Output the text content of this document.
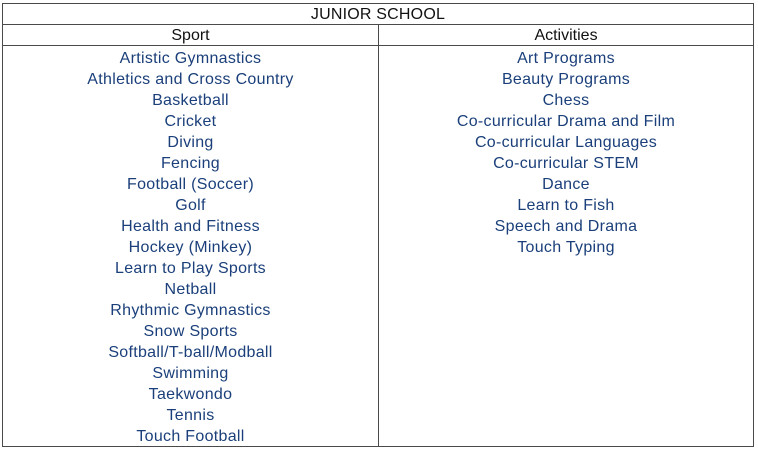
JUNIOR SCHOOL
Sport	Activities
Artistic Gymnastics
Athletics and Cross Country
Basketball
Cricket
Diving
Fencing
Football (Soccer)
Golf
Health and Fitness
Hockey (Minkey)
Learn to Play Sports
Netball
Rhythmic Gymnastics
Snow Sports
Softball/T-ball/Modball
Swimming
Taekwondo
Tennis
Touch Football
Art Programs
Beauty Programs
Chess
Co-curricular Drama and Film
Co-curricular Languages
Co-curricular STEM
Dance
Learn to Fish
Speech and Drama
Touch Typing
